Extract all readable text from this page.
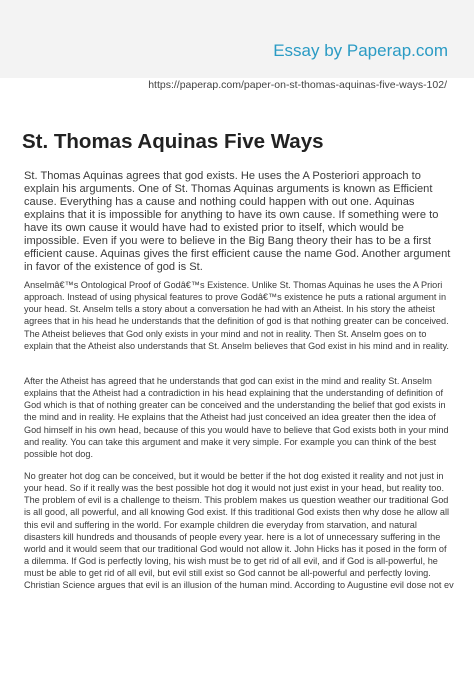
Essay by Paperap.com
https://paperap.com/paper-on-st-thomas-aquinas-five-ways-102/
St. Thomas Aquinas Five Ways

St. Thomas Aquinas agrees that god exists. He uses the A Posteriori approach to explain his arguments. One of St. Thomas Aquinas arguments is known as Efficient cause. Everything has a cause and nothing could happen with out one. Aquinas explains that it is impossible for anything to have its own cause. If something were to have its own cause it would have had to existed prior to itself, which would be impossible. Even if you were to believe in the Big Bang theory their has to be a first efficient cause. Aquinas gives the first efficient cause the name God. Another argument in favor of the existence of god is St.

Anselmâ€™s Ontological Proof of Godâ€™s Existence. Unlike St. Thomas Aquinas he uses the A Priori approach. Instead of using physical features to prove Godâ€™s existence he puts a rational argument in your head. St. Anselm tells a story about a conversation he had with an Atheist. In his story the atheist agrees that in his head he understands that the definition of god is that nothing greater can be conceived. The Atheist believes that God only exists in your mind and not in reality. Then St. Anselm goes on to explain that the Atheist also understands that St. Anselm believes that God exist in his mind and in reality.

After the Atheist has agreed that he understands that god can exist in the mind and reality St. Anselm explains that the Atheist had a contradiction in his head explaining that the understanding of definition of God which is that of nothing greater can be conceived and the understanding the belief that god exists in the mind and in reality. He explains that the Atheist had just conceived an idea greater then the idea of God himself in his own head, because of this you would have to believe that God exists both in your mind and reality. You can take this argument and make it very simple. For example you can think of the best possible hot dog.

No greater hot dog can be conceived, but it would be better if the hot dog existed it reality and not just in your head. So if it really was the best possible hot dog it would not just exist in your head, but reality too. The problem of evil is a challenge to theism. This problem makes us question weather our traditional God is all good, all powerful, and all knowing God exist. If this traditional God exists then why dose he allow all this evil and suffering in the world. For example children die everyday from starvation, and natural disasters kill hundreds and thousands of people every year. here is a lot of unnecessary suffering in the world and it would seem that our traditional God would not allow it. John Hicks has it posed in the form of a dilemma. If God is perfectly loving, his wish must be to get rid of all evil, and if God is all-powerful, he must be able to get rid of all evil, but evil still exist so God cannot be all-powerful and perfectly loving. Christian Science argues that evil is an illusion of the human mind. According to Augustine evil dose not ev
